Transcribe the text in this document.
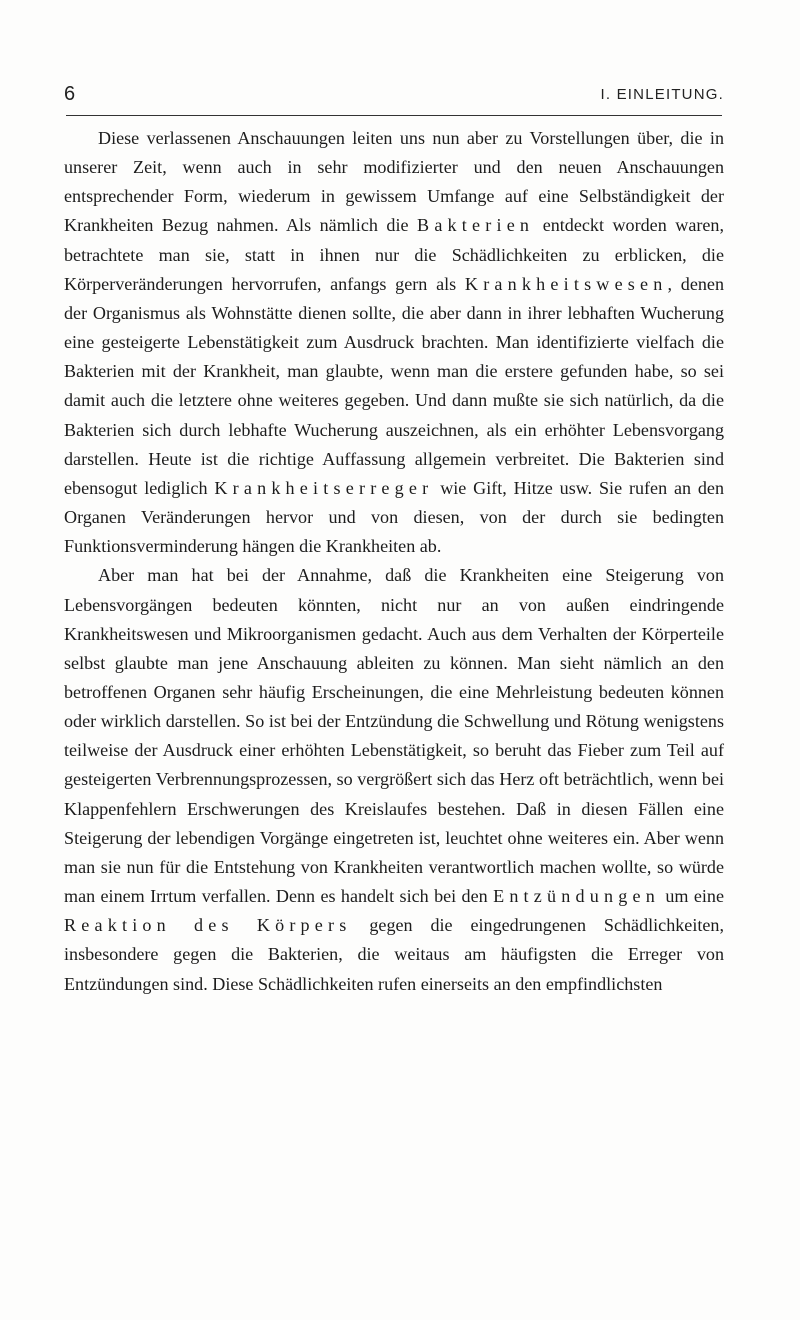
6	I. EINLEITUNG.

Diese verlassenen Anschauungen leiten uns nun aber zu Vorstellungen über, die in unserer Zeit, wenn auch in sehr modifizierter und den neuen Anschauungen entsprechender Form, wiederum in gewissem Umfange auf eine Selbständigkeit der Krankheiten Bezug nahmen. Als nämlich die Bakterien entdeckt worden waren, betrachtete man sie, statt in ihnen nur die Schädlichkeiten zu erblicken, die Körperveränderungen hervorrufen, anfangs gern als Krankheitswesen, denen der Organismus als Wohnstätte dienen sollte, die aber dann in ihrer lebhaften Wucherung eine gesteigerte Lebenstätigkeit zum Ausdruck brachten. Man identifizierte vielfach die Bakterien mit der Krankheit, man glaubte, wenn man die erstere gefunden habe, so sei damit auch die letztere ohne weiteres gegeben. Und dann mußte sie sich natürlich, da die Bakterien sich durch lebhafte Wucherung auszeichnen, als ein erhöhter Lebensvorgang darstellen. Heute ist die richtige Auffassung allgemein verbreitet. Die Bakterien sind ebensogut lediglich Krankheitserreger wie Gift, Hitze usw. Sie rufen an den Organen Veränderungen hervor und von diesen, von der durch sie bedingten Funktionsverminderung hängen die Krankheiten ab.

Aber man hat bei der Annahme, daß die Krankheiten eine Steigerung von Lebensvorgängen bedeuten könnten, nicht nur an von außen eindringende Krankheitswesen und Mikroorganismen gedacht. Auch aus dem Verhalten der Körperteile selbst glaubte man jene Anschauung ableiten zu können. Man sieht nämlich an den betroffenen Organen sehr häufig Erscheinungen, die eine Mehrleistung bedeuten können oder wirklich darstellen. So ist bei der Entzündung die Schwellung und Rötung wenigstens teilweise der Ausdruck einer erhöhten Lebenstätigkeit, so beruht das Fieber zum Teil auf gesteigerten Verbrennungsprozessen, so vergrößert sich das Herz oft beträchtlich, wenn bei Klappenfehlern Erschwerungen des Kreislaufes bestehen. Daß in diesen Fällen eine Steigerung der lebendigen Vorgänge eingetreten ist, leuchtet ohne weiteres ein. Aber wenn man sie nun für die Entstehung von Krankheiten verantwortlich machen wollte, so würde man einem Irrtum verfallen. Denn es handelt sich bei den Entzündungen um eine Reaktion des Körpers gegen die eingedrungenen Schädlichkeiten, insbesondere gegen die Bakterien, die weitaus am häufigsten die Erreger von Entzündungen sind. Diese Schädlichkeiten rufen einerseits an den empfindlichsten
